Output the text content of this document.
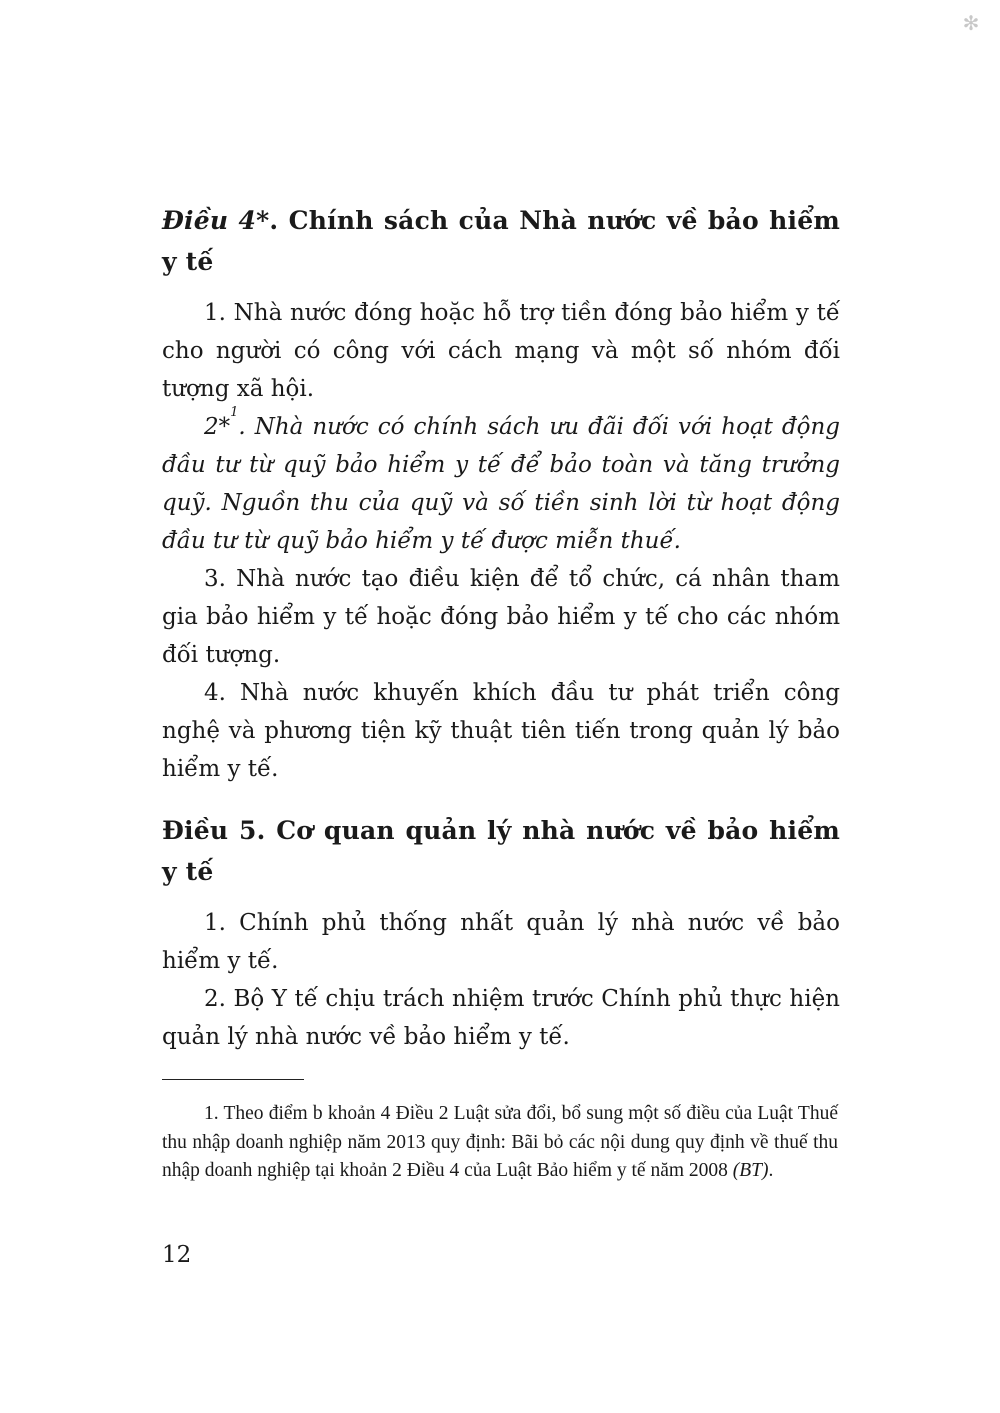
✻

Điều 4*. Chính sách của Nhà nước về bảo hiểm y tế

1. Nhà nước đóng hoặc hỗ trợ tiền đóng bảo hiểm y tế cho người có công với cách mạng và một số nhóm đối tượng xã hội.

2*$^1$. Nhà nước có chính sách ưu đãi đối với hoạt động đầu tư từ quỹ bảo hiểm y tế để bảo toàn và tăng trưởng quỹ. Nguồn thu của quỹ và số tiền sinh lời từ hoạt động đầu tư từ quỹ bảo hiểm y tế được miễn thuế.

3. Nhà nước tạo điều kiện để tổ chức, cá nhân tham gia bảo hiểm y tế hoặc đóng bảo hiểm y tế cho các nhóm đối tượng.

4. Nhà nước khuyến khích đầu tư phát triển công nghệ và phương tiện kỹ thuật tiên tiến trong quản lý bảo hiểm y tế.

Điều 5. Cơ quan quản lý nhà nước về bảo hiểm y tế

1. Chính phủ thống nhất quản lý nhà nước về bảo hiểm y tế.

2. Bộ Y tế chịu trách nhiệm trước Chính phủ thực hiện quản lý nhà nước về bảo hiểm y tế.

1. Theo điểm b khoản 4 Điều 2 Luật sửa đổi, bổ sung một số điều của Luật Thuế thu nhập doanh nghiệp năm 2013 quy định: Bãi bỏ các nội dung quy định về thuế thu nhập doanh nghiệp tại khoản 2 Điều 4 của Luật Bảo hiểm y tế năm 2008 (BT).

12
